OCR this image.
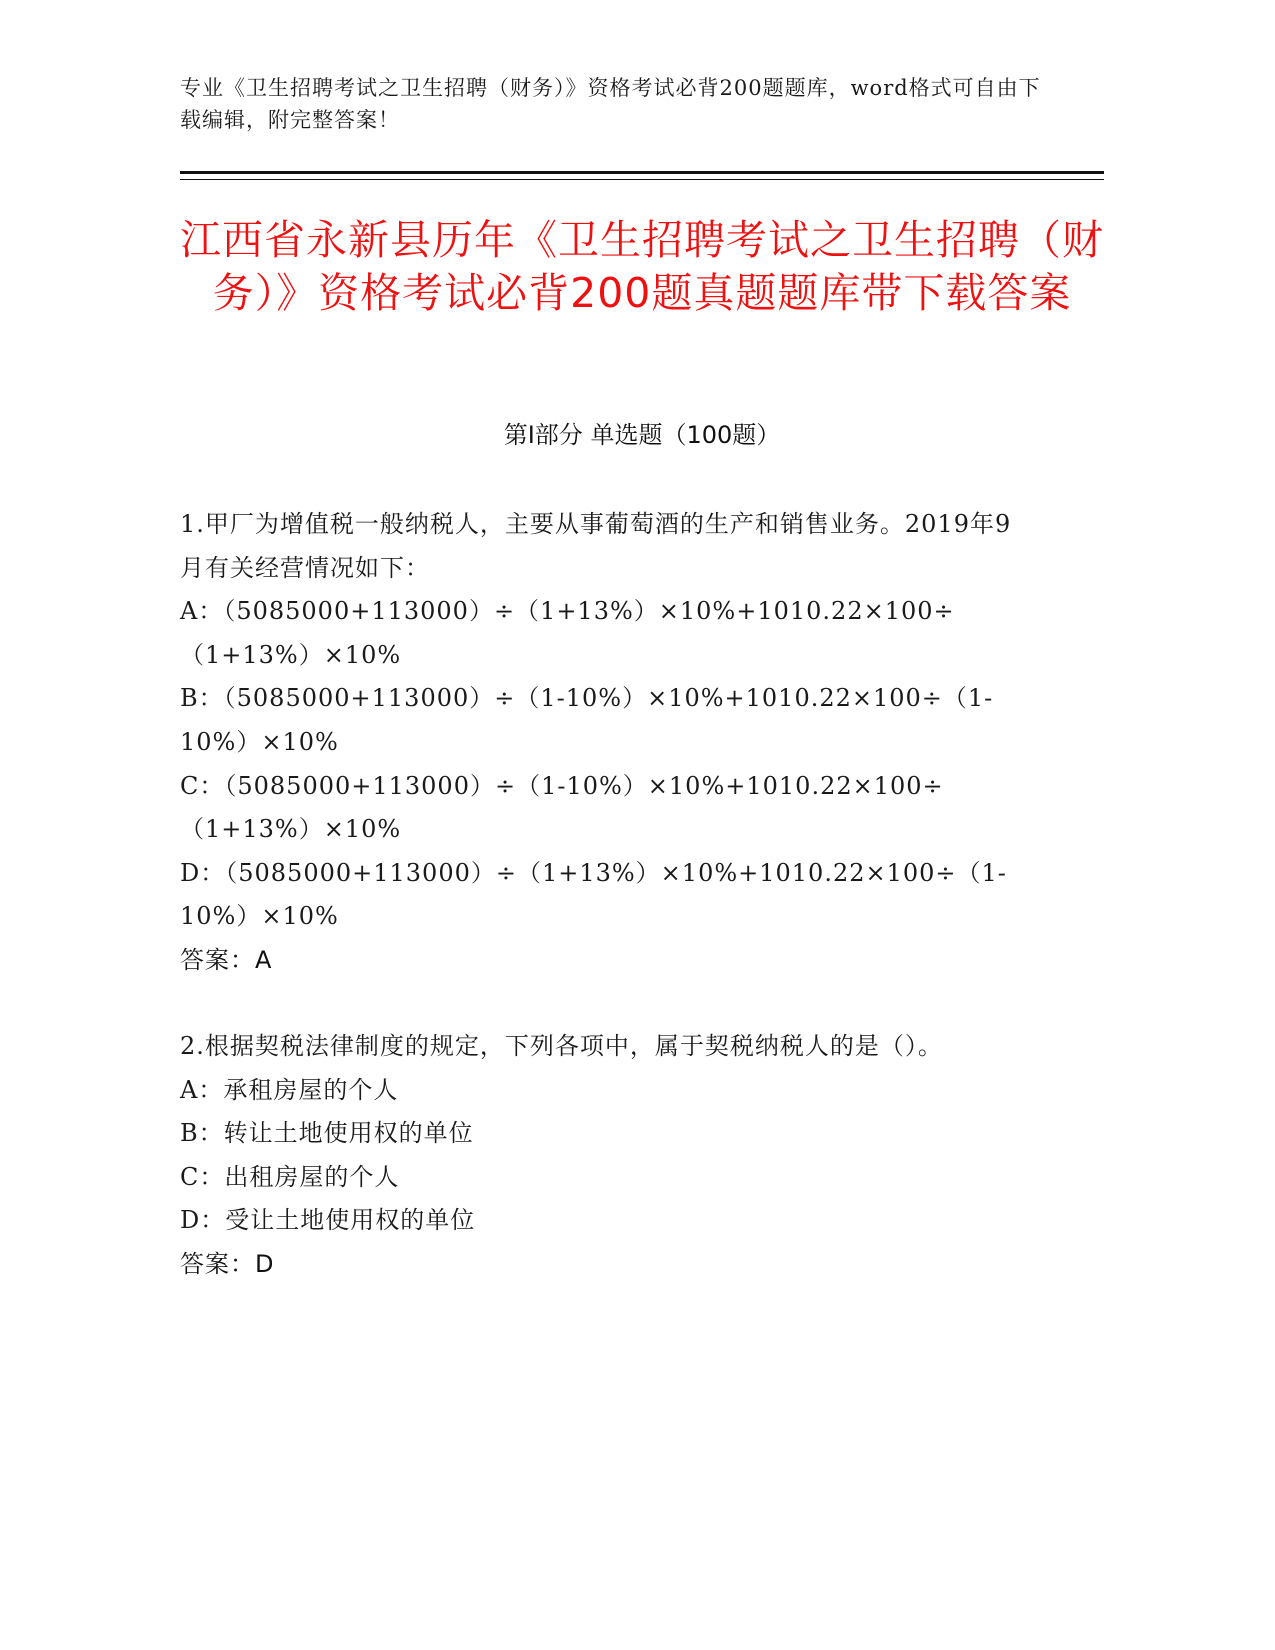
专业《卫生招聘考试之卫生招聘（财务）》资格考试必背200题题库，word格式可自由下载编辑，附完整答案！

江西省永新县历年《卫生招聘考试之卫生招聘（财务）》资格考试必背200题真题题库带下载答案
第I部分 单选题（100题）
1.甲厂为增值税一般纳税人，主要从事葡萄酒的生产和销售业务。2019年9月有关经营情况如下：
A：（5085000+113000）÷（1+13%）×10%+1010.22×100÷（1+13%）×10%
B：（5085000+113000）÷（1-10%）×10%+1010.22×100÷（1-10%）×10%
C：（5085000+113000）÷（1-10%）×10%+1010.22×100÷（1+13%）×10%
D：（5085000+113000）÷（1+13%）×10%+1010.22×100÷（1-10%）×10%
答案：A
2.根据契税法律制度的规定，下列各项中，属于契税纳税人的是（）。
A：承租房屋的个人
B：转让土地使用权的单位
C：出租房屋的个人
D：受让土地使用权的单位
答案：D
